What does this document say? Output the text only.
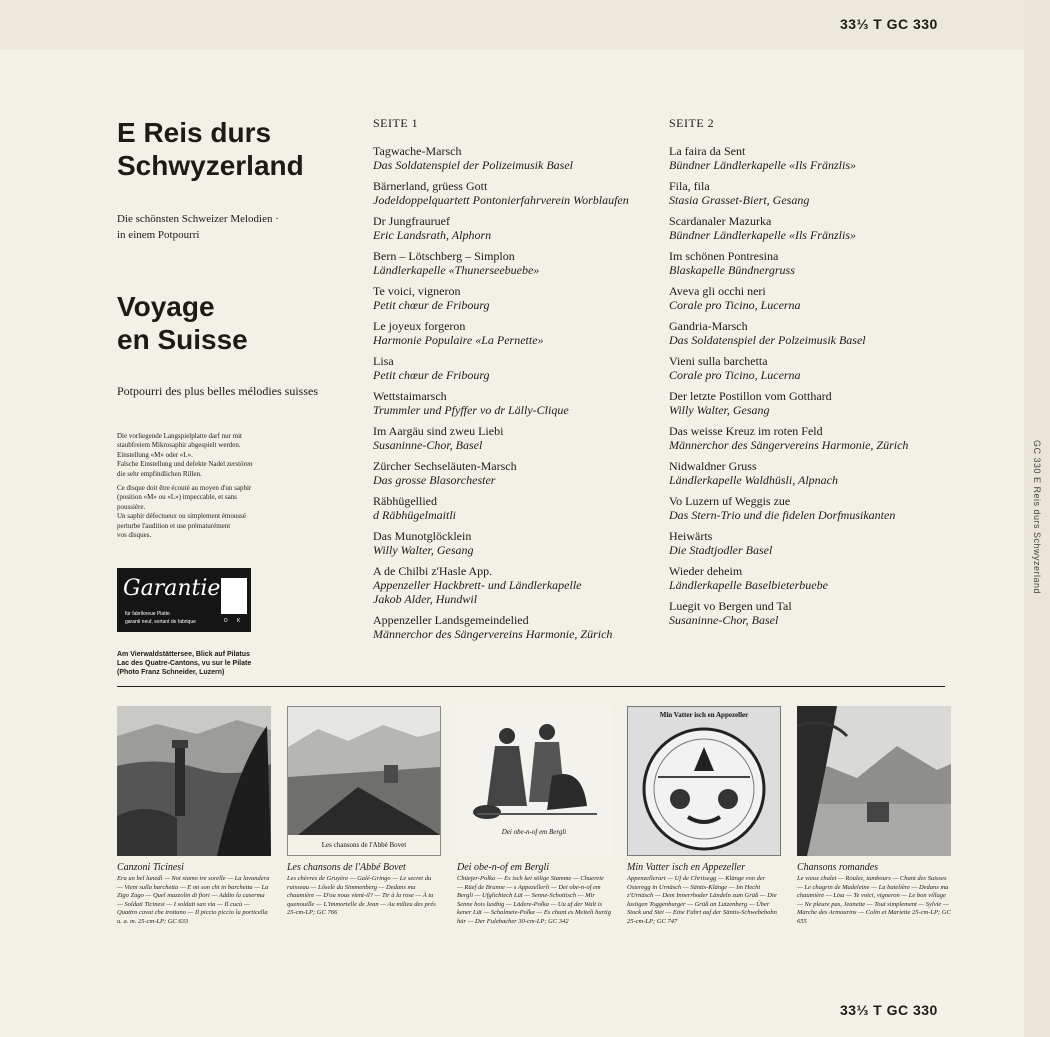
33⅓ T GC 330
33⅓ T GC 330
GC 330 E Reis durs Schwyzerland
E Reis durs
Schwyzerland
Die schönsten Schweizer Melodien ·
in einem Potpourri
Voyage
en Suisse
Potpourri des plus belles mélodies suisses

Die vorliegende Langspielplatte darf nur mit
staubfreiem Mikrosaphir abgespielt werden.
Einstellung «M» oder «L».
Falsche Einstellung und defekte Nadel zerstören
die sehr empfindlichen Rillen.

Ce disque doit être écouté au moyen d'un saphir
(position «M» ou «L») impeccable, et sans
poussière.
Un saphir défectueux ou simplement émoussé
perturbe l'audition et use prématurément
vos disques.

Garantie
für fabrikneue Platte
garanti neuf, sortant de fabrique	O K
Am Vierwaldstättersee, Blick auf Pilatus
Lac des Quatre-Cantons, vu sur le Pilate
(Photo Franz Schneider, Luzern)
SEITE 1
Tagwache-Marsch
Das Soldatenspiel der Polizeimusik Basel
Bärnerland, grüess Gott
Jodeldoppelquartett Pontonierfahrverein Worblaufen
Dr Jungfrauruef
Eric Landsrath, Alphorn
Bern – Lötschberg – Simplon
Ländlerkapelle «Thunerseebuebe»
Te voici, vigneron
Petit chœur de Fribourg
Le joyeux forgeron
Harmonie Populaire «La Pernette»
Lisa
Petit chœur de Fribourg
Wettstaimarsch
Trummler und Pfyffer vo dr Lälly-Clique
Im Aargäu sind zweu Liebi
Susaninne-Chor, Basel
Zürcher Sechseläuten-Marsch
Das grosse Blasorchester
Räbhügellied
d Räbhügelmaitli
Das Munotglöcklein
Willy Walter, Gesang
A de Chilbi z'Hasle App.
Appenzeller Hackbrett- und Ländlerkapelle
Jakob Alder, Hundwil
Appenzeller Landsgemeindelied
Männerchor des Sängervereins Harmonie, Zürich
SEITE 2
La faira da Sent
Bündner Ländlerkapelle «Ils Fränzlis»
Fila, fila
Stasia Grasset-Biert, Gesang
Scardanaler Mazurka
Bündner Ländlerkapelle «Ils Fränzlis»
Im schönen Pontresina
Blaskapelle Bündnergruss
Aveva gli occhi neri
Corale pro Ticino, Lucerna
Gandria-Marsch
Das Soldatenspiel der Polzeimusik Basel
Vieni sulla barchetta
Corale pro Ticino, Lucerna
Der letzte Postillon vom Gotthard
Willy Walter, Gesang
Das weisse Kreuz im roten Feld
Männerchor des Sängervereins Harmonie, Zürich
Nidwaldner Gruss
Ländlerkapelle Waldhüsli, Alpnach
Vo Luzern uf Weggis zue
Das Stern-Trio und die fidelen Dorfmusikanten
Heiwärts
Die Stadtjodler Basel
Wieder deheim
Ländlerkapelle Baselbieterbuebe
Luegit vo Bergen und Tal
Susaninne-Chor, Basel
Canzoni Ticinesi
Era un bel lunedì — Noi siamo tre sorelle — La lavandera — Vieni sulla barchetta — E mi son chi in barchetta — La Zigo Zago — Quel mazzolin di fiori — Addio la caserma — Soldati Ticinesi — I soldati san via — Il cucù — Quattro cavai che trottano — Il piccio piccio la porticella u. a. m. 25-cm-LP; GC 633
Les chansons de l'Abbé Bovet
Les chansons de l'Abbé Bovet
Les chèvres de Gruyère — Galé-Gringo — Le secret du ruisseau — Lôselè du Simmenberg — Dedans ma chaumière — D'ou nous vient-il? — Tir à la rose — À ta quenouille — L'Immortelle de Jean — Au milieu des prés 25-cm-LP; GC 766
Dei obe-n-of em Bergli
Dei obe-n-of em Bergli
Chüejer-Polka — Es isch kei sölige Stamme — Chuereie — Rüef de Brunne — s Appezellerli — Dei obe-n-of em Bergli — Ufglichtech Lüt — Senne-Schottisch — Mir Senne hois lustbig — Lädere-Polka — Uu uf der Walt is kener Lüt — Schalmeie-Polka — Es chunt es Meiteli hurtig här — Der Fulebacher 30-cm-LP; GC 342
Min Vatter isch en Appezeller
Min Vatter isch en Appezeller
Appenzellerart — Uf de Chriisegg — Klänge von der Osteregg in Urnäsch — Säntis-Klänge — Im Hecht z'Urnäsch — Dem Innerrhoder Ländeln zum Grüß — Die lustigen Toggenburger — Grüß an Lutzenberg — Über Stock und Stei — Eine Fahrt auf der Säntis-Schwebebahn 25-cm-LP; GC 747
Chansons romandes
Le vieux chalet — Roulez, tambours — Chant des Suisses — Le chagrin de Madeleine — La batelière — Dedans ma chaumière — Lisa — Te voici, vigneron — Le bon village — Ne pleure pas, Jeanette — Tout simplement — Sylvie — Marche des Armourins — Colin et Mariette 25-cm-LP; GC 655
